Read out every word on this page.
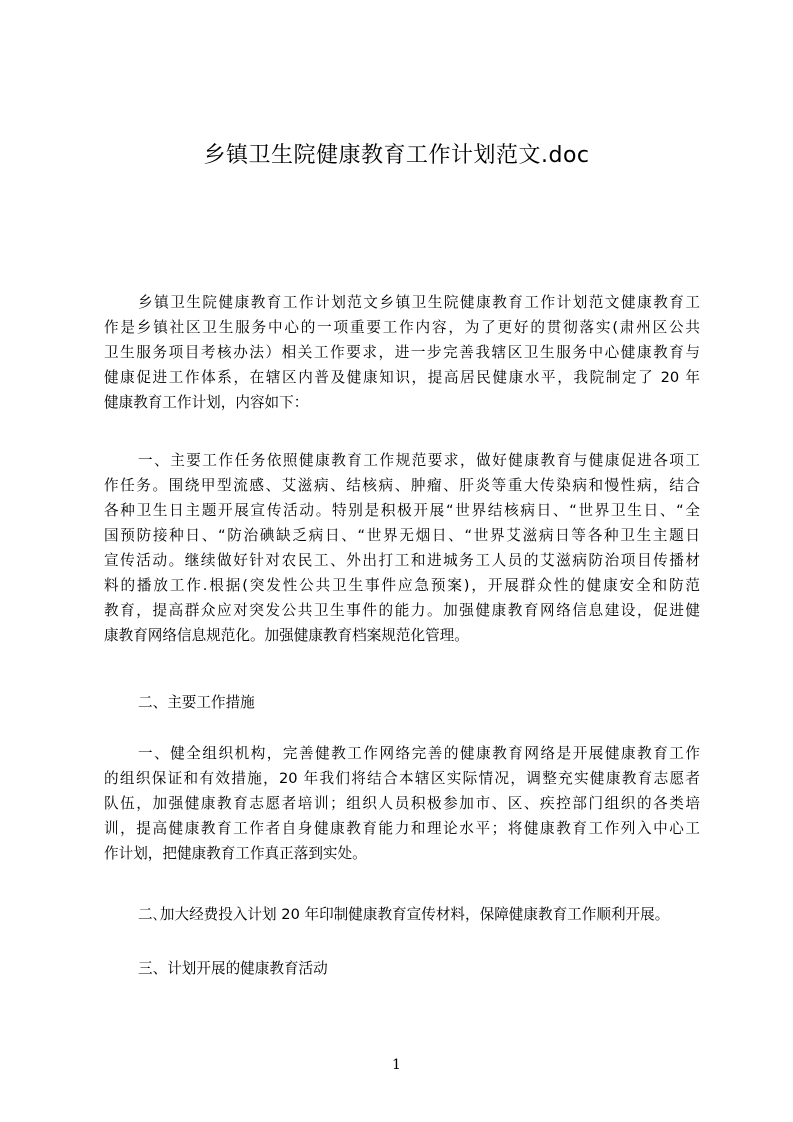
乡镇卫生院健康教育工作计划范文.doc
乡镇卫生院健康教育工作计划范文乡镇卫生院健康教育工作计划范文健康教育工
作是乡镇社区卫生服务中心的一项重要工作内容，为了更好的贯彻落实(肃州区公共
卫生服务项目考核办法）相关工作要求，进一步完善我辖区卫生服务中心健康教育与
健康促进工作体系，在辖区内普及健康知识，提高居民健康水平，我院制定了 20 年
健康教育工作计划，内容如下：
一、主要工作任务依照健康教育工作规范要求，做好健康教育与健康促进各项工
作任务。围绕甲型流感、艾滋病、结核病、肿瘤、肝炎等重大传染病和慢性病，结合
各种卫生日主题开展宣传活动。特别是积极开展“世界结核病日、“世界卫生日、“全
国预防接种日、“防治碘缺乏病日、“世界无烟日、“世界艾滋病日等各种卫生主题日
宣传活动。继续做好针对农民工、外出打工和进城务工人员的艾滋病防治项目传播材
料的播放工作.根据(突发性公共卫生事件应急预案)，开展群众性的健康安全和防范
教育，提高群众应对突发公共卫生事件的能力。加强健康教育网络信息建设，促进健
康教育网络信息规范化。加强健康教育档案规范化管理。
二、主要工作措施
一、健全组织机构，完善健教工作网络完善的健康教育网络是开展健康教育工作
的组织保证和有效措施，20 年我们将结合本辖区实际情况，调整充实健康教育志愿者
队伍，加强健康教育志愿者培训；组织人员积极参加市、区、疾控部门组织的各类培
训，提高健康教育工作者自身健康教育能力和理论水平；将健康教育工作列入中心工
作计划，把健康教育工作真正落到实处。
二､加大经费投入计划 20 年印制健康教育宣传材料，保障健康教育工作顺利开展。
三、计划开展的健康教育活动
1
